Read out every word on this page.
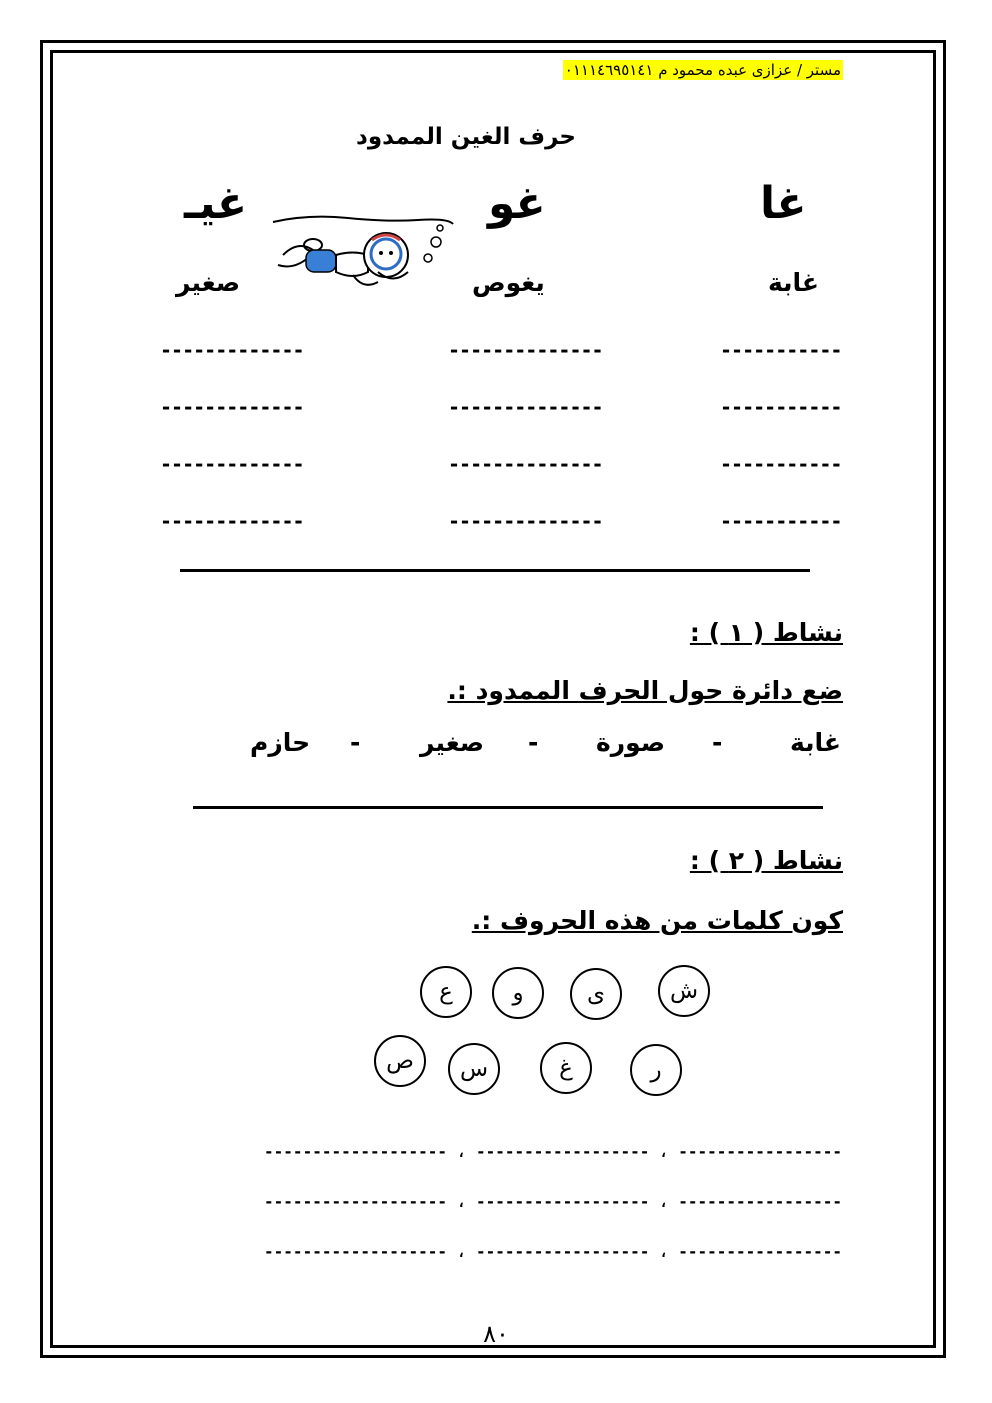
مستر / عزازى عبده محمود م ٠١١١٤٦٩٥١٤١
حرف الغين الممدود
غا
غو
غيـ
غابة
يغوص
صغير
-----------
--------------
-------------
-----------
--------------
-------------
-----------
--------------
-------------
-----------
--------------
-------------
نشاط ( ١ ) :
ضع دائرة حول الحرف الممدود :.
غابة
-
صورة
-
صغير
-
حازم
نشاط ( ٢ ) :
كون كلمات من هذه الحروف :.
ش
ى
و
ع
ر
غ
س
ص
----------------- ، ------------------ ، -------------------
----------------- ، ------------------ ، -------------------
----------------- ، ------------------ ، -------------------
٨٠
